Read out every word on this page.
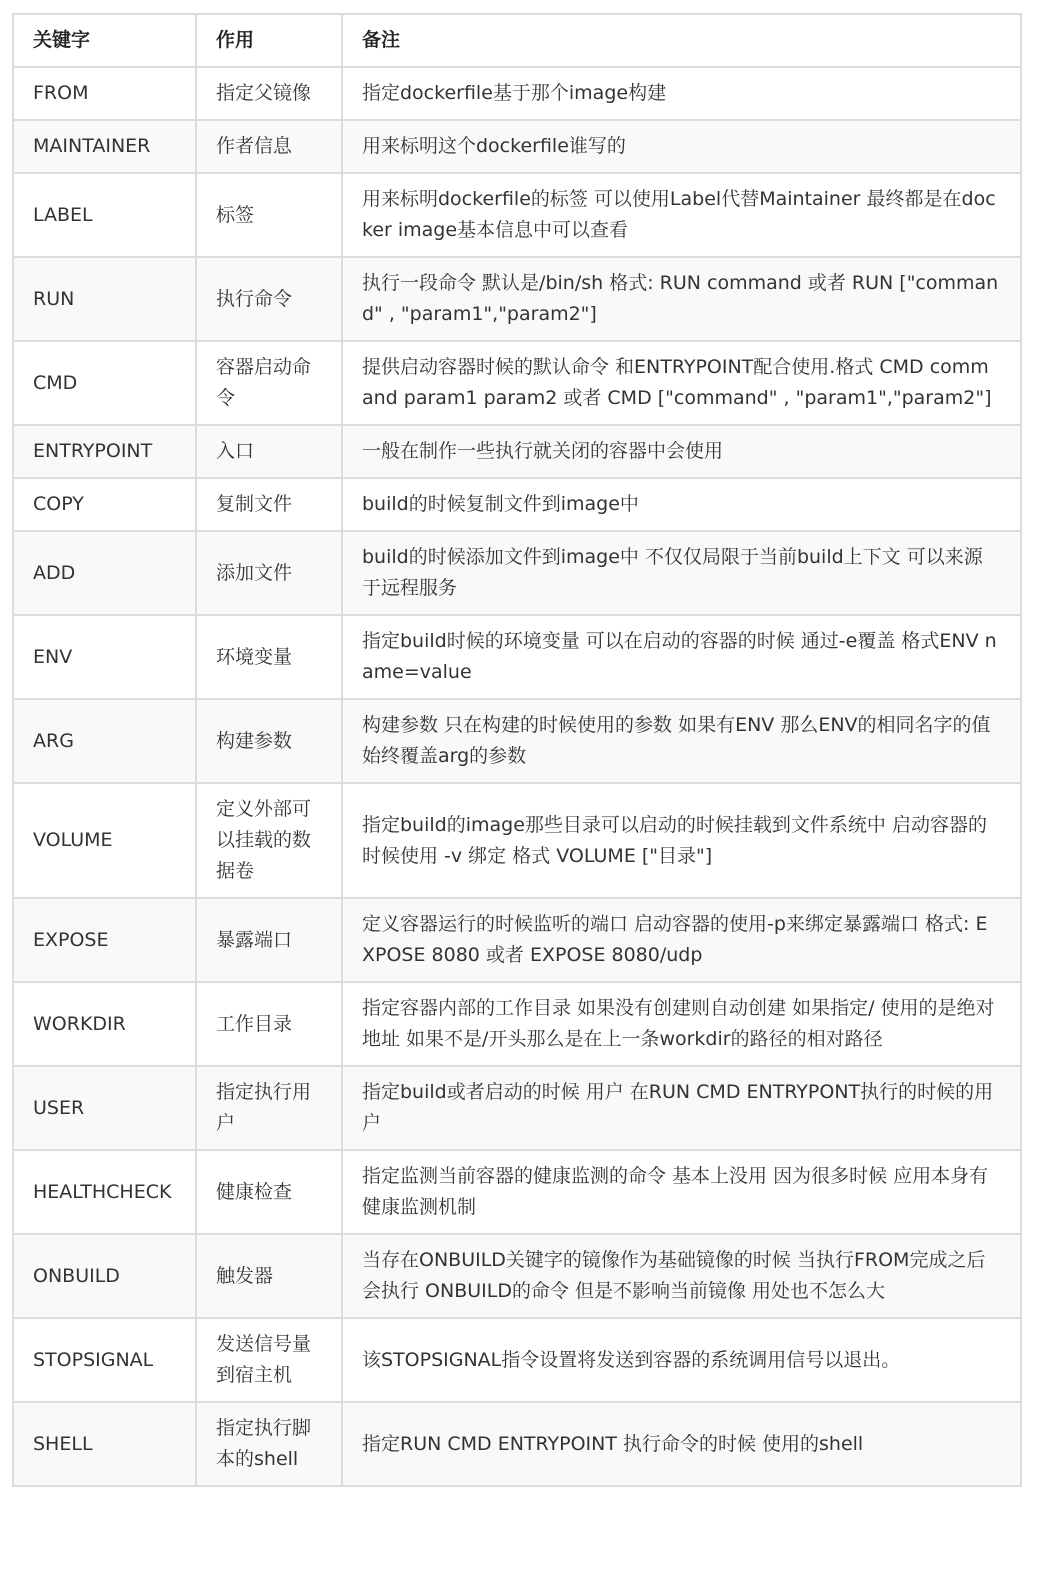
关键字	作用	备注
FROM	指定父镜像	指定dockerfile基于那个image构建
MAINTAINER	作者信息	用来标明这个dockerfile谁写的
LABEL	标签	用来标明dockerfile的标签 可以使用Label代替Maintainer 最终都是在docker image基本信息中可以查看
RUN	执行命令	执行一段命令 默认是/bin/sh 格式: RUN command 或者 RUN ["command" , "param1","param2"]
CMD	容器启动命令	提供启动容器时候的默认命令 和ENTRYPOINT配合使用.格式 CMD command param1 param2 或者 CMD ["command" , "param1","param2"]
ENTRYPOINT	入口	一般在制作一些执行就关闭的容器中会使用
COPY	复制文件	build的时候复制文件到image中
ADD	添加文件	build的时候添加文件到image中 不仅仅局限于当前build上下文 可以来源于远程服务
ENV	环境变量	指定build时候的环境变量 可以在启动的容器的时候 通过-e覆盖 格式ENV name=value
ARG	构建参数	构建参数 只在构建的时候使用的参数 如果有ENV 那么ENV的相同名字的值始终覆盖arg的参数
VOLUME	定义外部可以挂载的数据卷	指定build的image那些目录可以启动的时候挂载到文件系统中 启动容器的时候使用 -v 绑定 格式 VOLUME ["目录"]
EXPOSE	暴露端口	定义容器运行的时候监听的端口 启动容器的使用-p来绑定暴露端口 格式: EXPOSE 8080 或者 EXPOSE 8080/udp
WORKDIR	工作目录	指定容器内部的工作目录 如果没有创建则自动创建 如果指定/ 使用的是绝对地址 如果不是/开头那么是在上一条workdir的路径的相对路径
USER	指定执行用户	指定build或者启动的时候 用户 在RUN CMD ENTRYPONT执行的时候的用户
HEALTHCHECK	健康检查	指定监测当前容器的健康监测的命令 基本上没用 因为很多时候 应用本身有健康监测机制
ONBUILD	触发器	当存在ONBUILD关键字的镜像作为基础镜像的时候 当执行FROM完成之后 会执行 ONBUILD的命令 但是不影响当前镜像 用处也不怎么大
STOPSIGNAL	发送信号量到宿主机	该STOPSIGNAL指令设置将发送到容器的系统调用信号以退出。
SHELL	指定执行脚本的shell	指定RUN CMD ENTRYPOINT 执行命令的时候 使用的shell
